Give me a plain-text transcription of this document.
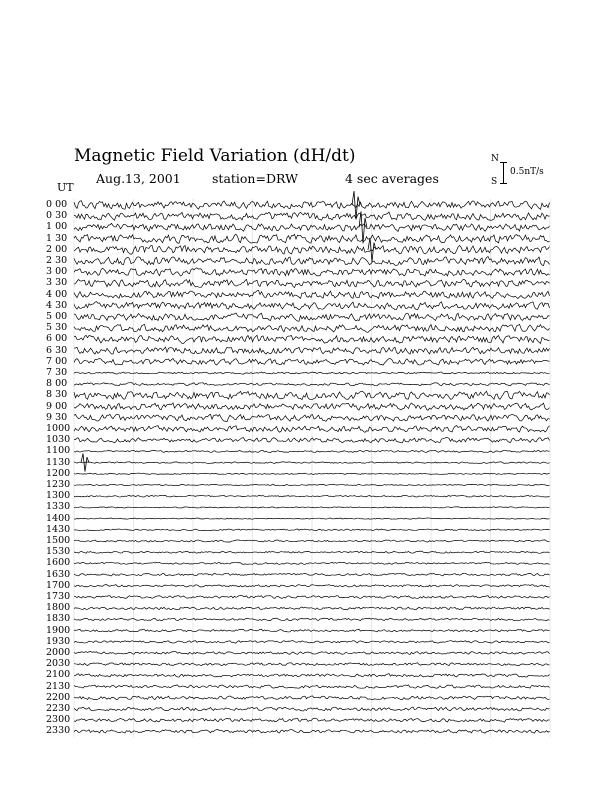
Magnetic Field Variation (dH/dt)
Aug.13, 2001	station=DRW	4 sec averages
UT
N
S
0.5nT/s
0 00
0 30
1 00
1 30
2 00
2 30
3 00
3 30
4 00
4 30
5 00
5 30
6 00
6 30
7 00
7 30
8 00
8 30
9 00
9 30
1000
1030
1100
1130
1200
1230
1300
1330
1400
1430
1500
1530
1600
1630
1700
1730
1800
1830
1900
1930
2000
2030
2100
2130
2200
2230
2300
2330
